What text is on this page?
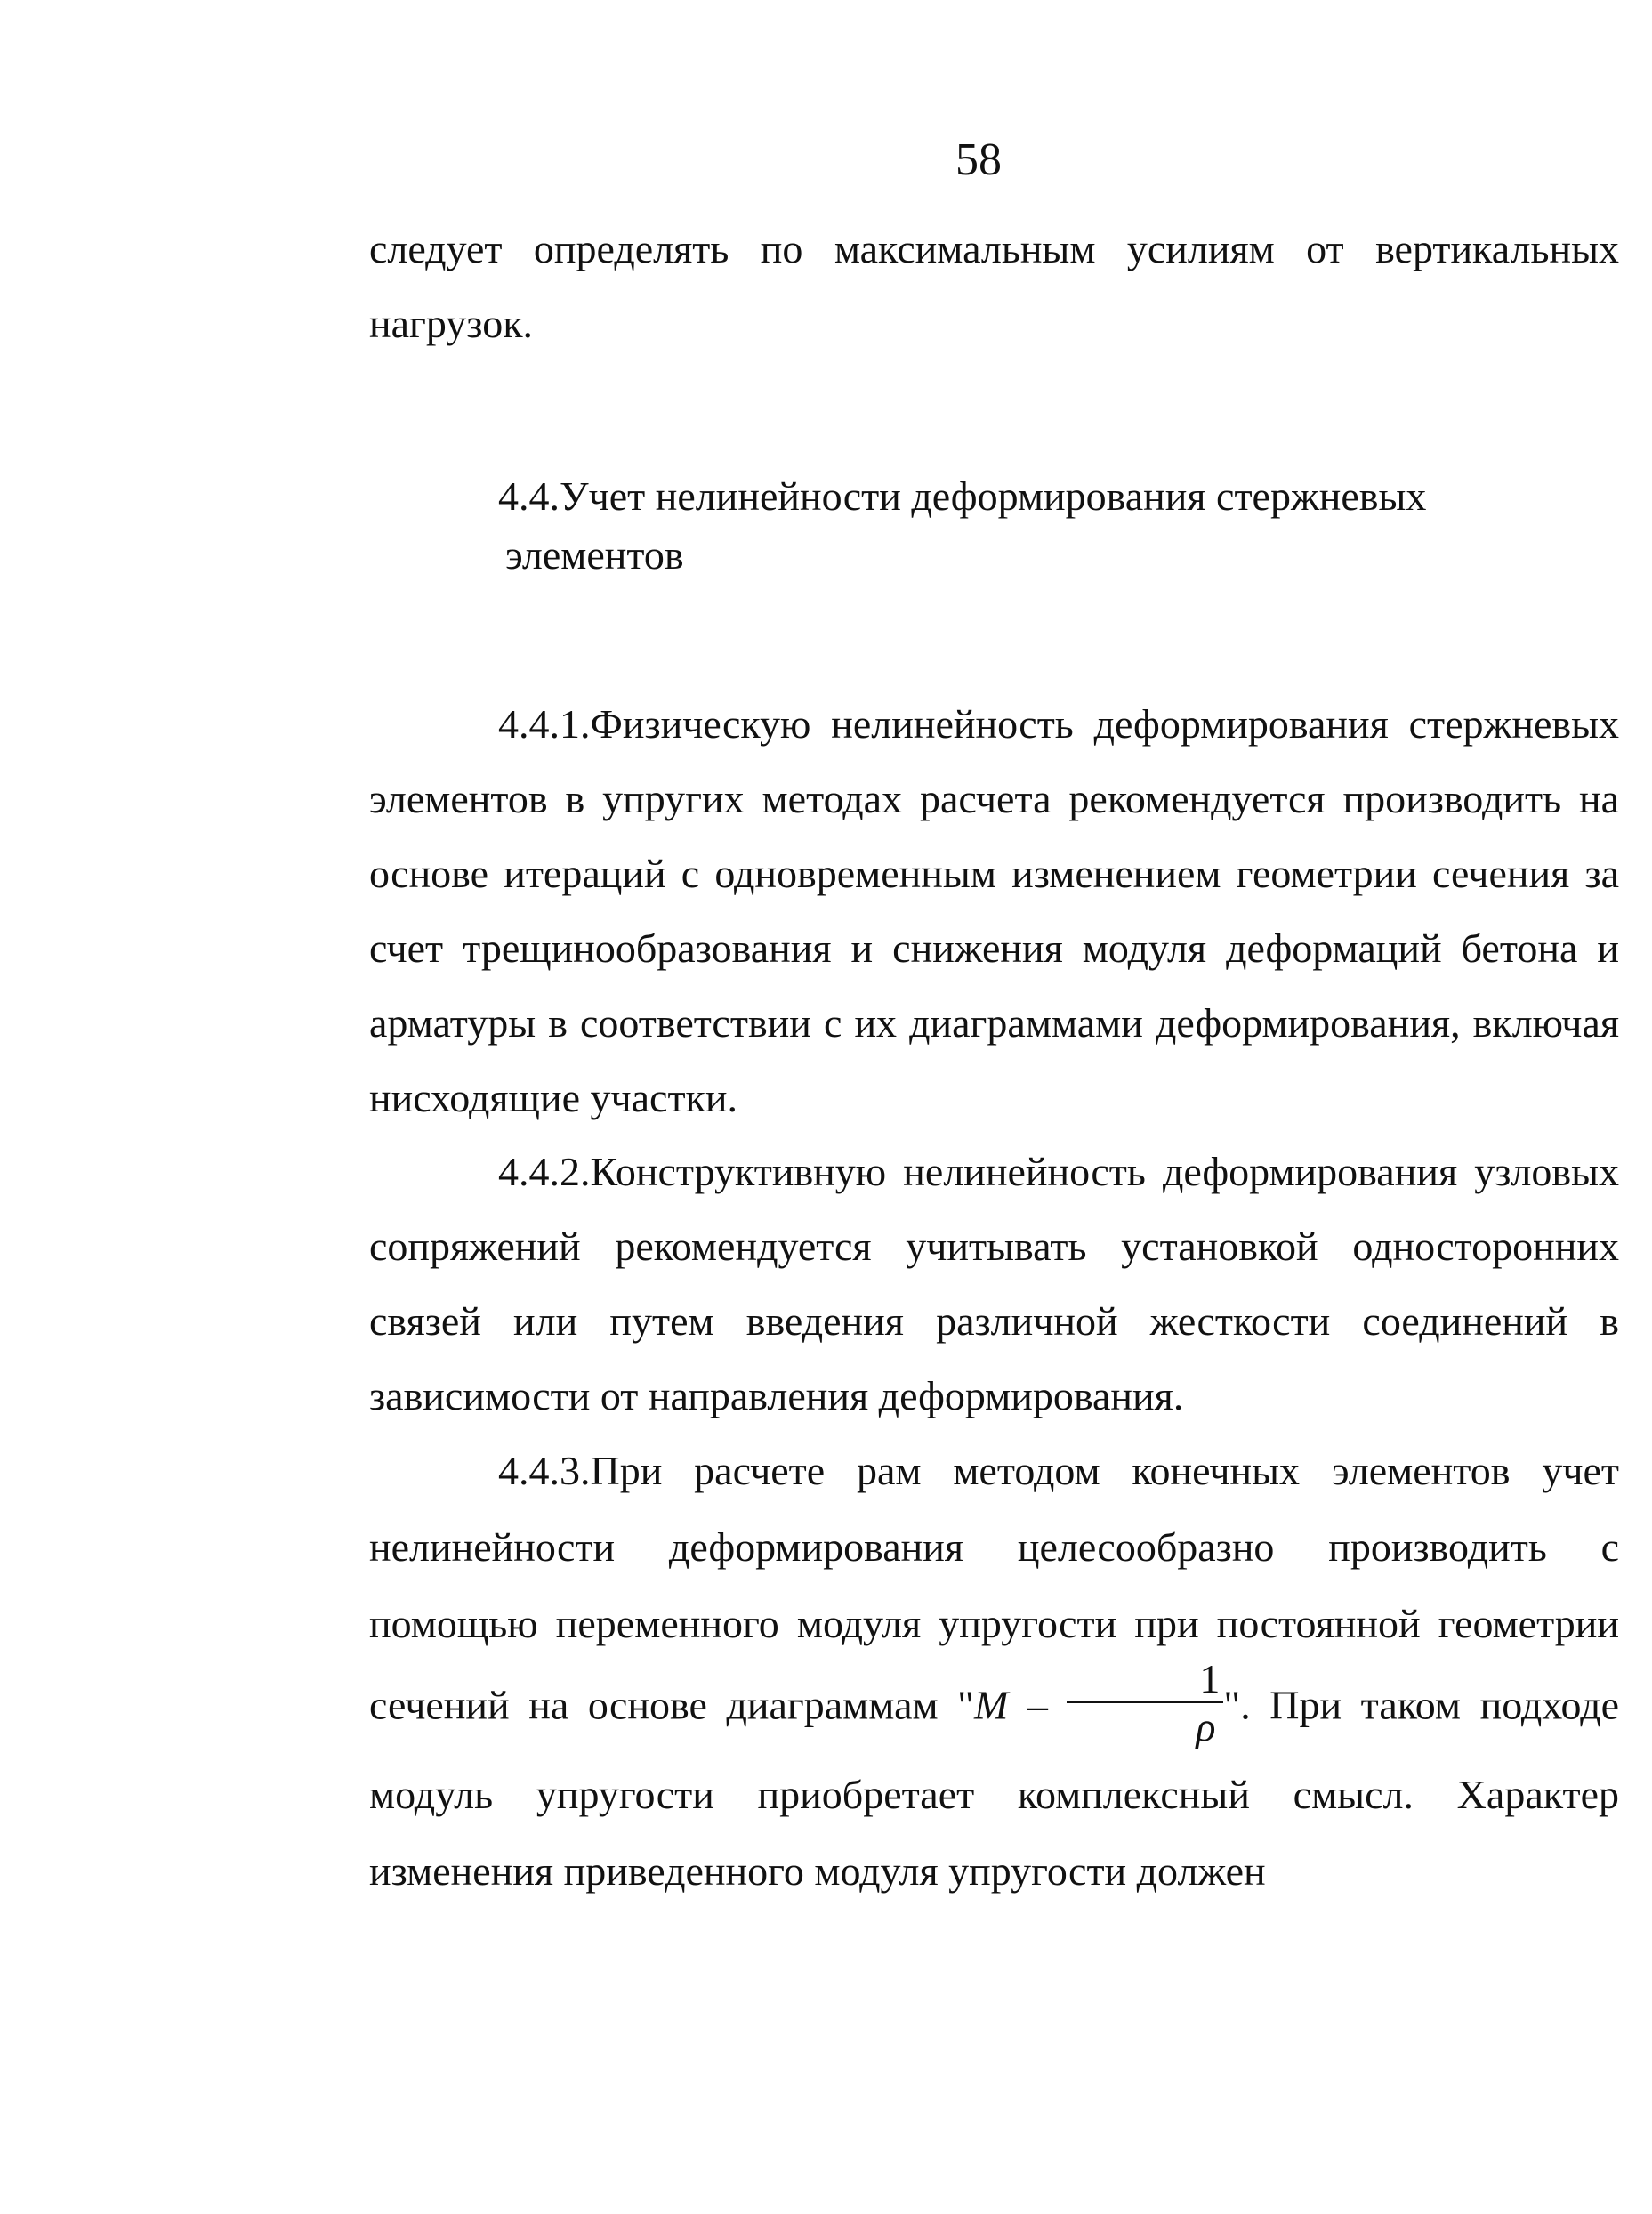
58

следует определять по максимальным усилиям от вертикальных

нагрузок.

4.4.Учет нелинейности деформирования стержневых
элементов

4.4.1.Физическую нелинейность деформирования стержневых элементов в упругих методах расчета рекомендуется производить на основе итераций с одновременным изменением геометрии сечения за счет трещинообразования и снижения модуля деформаций бетона и арматуры в соответствии с их диаграммами деформирования, включая нисходящие участки.

4.4.2.Конструктивную нелинейность деформирования узловых сопряжений рекомендуется учитывать установкой односторонних связей или путем введения различной жесткости соединений в зависимости от направления деформирования.

4.4.3.При расчете рам методом конечных элементов учет нелинейности деформирования целесообразно производить с помощью переменного модуля упругости при постоянной геометрии сечений на основе диаграммам "M – $\frac{1}{\rho}$ ". При таком подходе модуль упругости приобретает комплексный смысл. Характер изменения приведенного модуля упругости должен
